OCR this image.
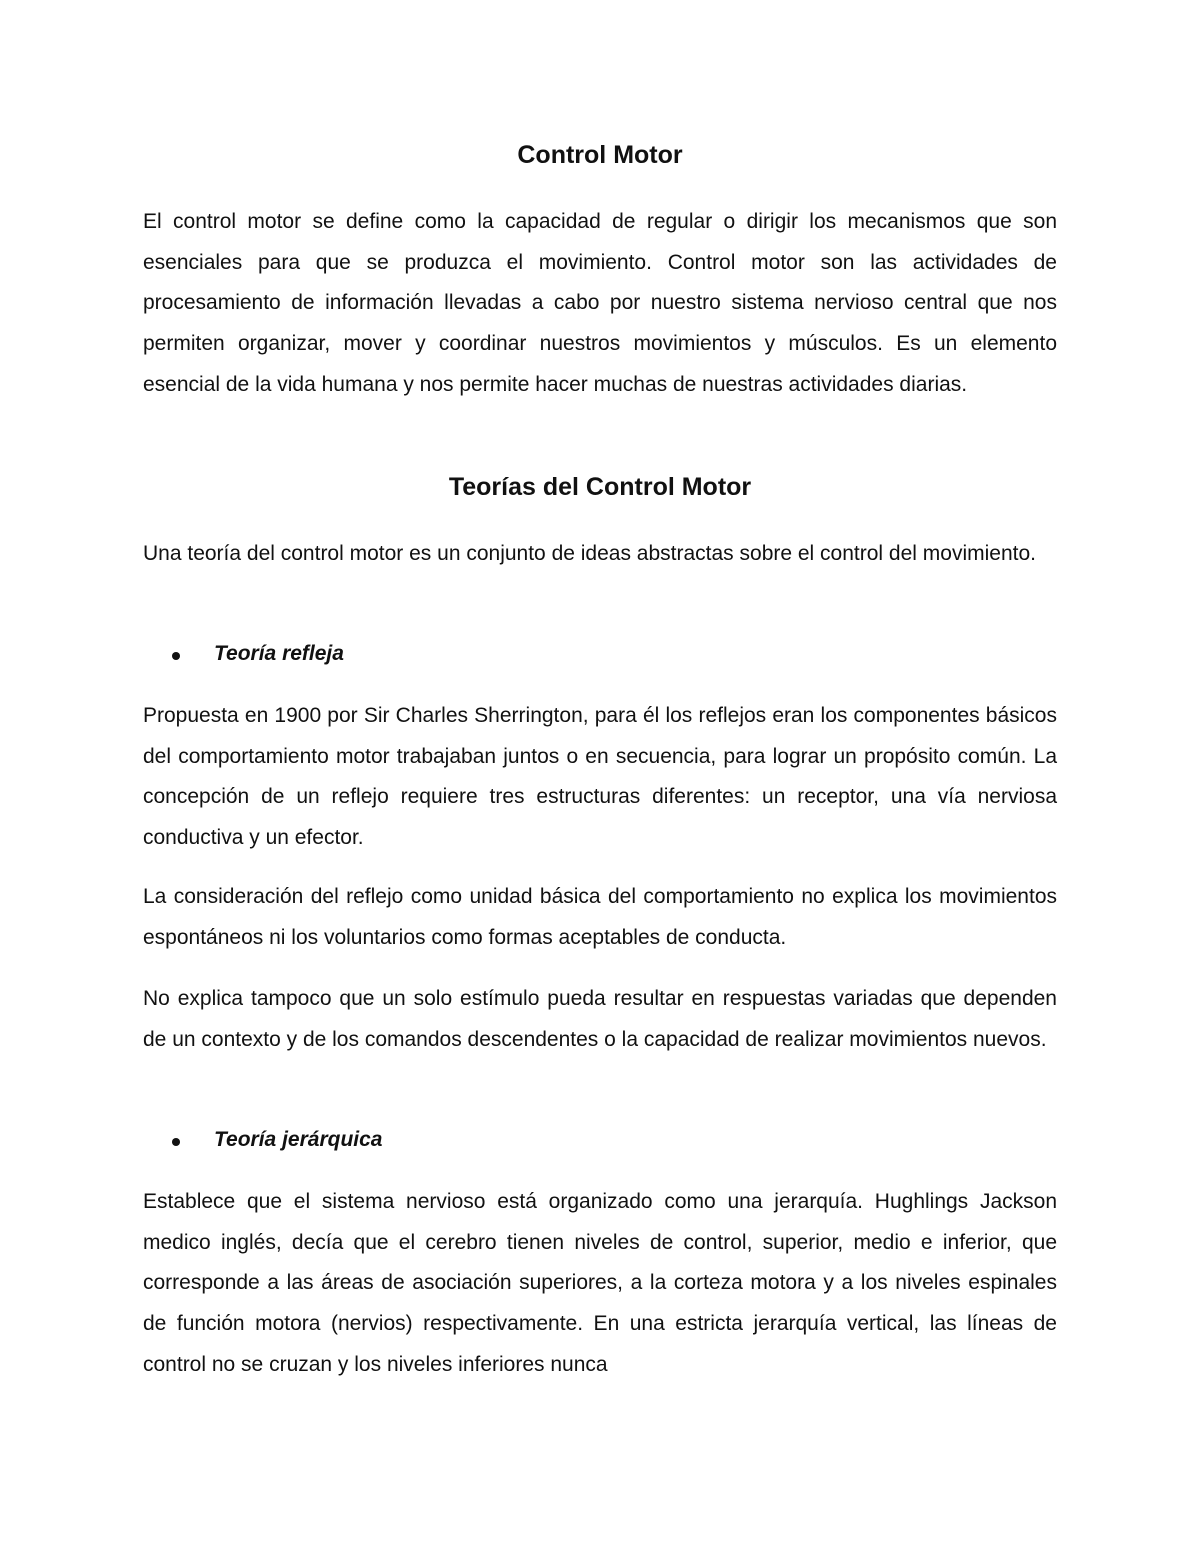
Control Motor

El control motor se define como la capacidad de regular o dirigir los mecanismos que son esenciales para que se produzca el movimiento. Control motor son las actividades de procesamiento de información llevadas a cabo por nuestro sistema nervioso central que nos permiten organizar, mover y coordinar nuestros movimientos y músculos. Es un elemento esencial de la vida humana y nos permite hacer muchas de nuestras actividades diarias.

Teorías del Control Motor

Una teoría del control motor es un conjunto de ideas abstractas sobre el control del movimiento.

Teoría refleja

Propuesta en 1900 por Sir Charles Sherrington, para él los reflejos eran los componentes básicos del comportamiento motor trabajaban juntos o en secuencia, para lograr un propósito común. La concepción de un reflejo requiere tres estructuras diferentes: un receptor, una vía nerviosa conductiva y un efector.

La consideración del reflejo como unidad básica del comportamiento no explica los movimientos espontáneos ni los voluntarios como formas aceptables de conducta.

No explica tampoco que un solo estímulo pueda resultar en respuestas variadas que dependen de un contexto y de los comandos descendentes o la capacidad de realizar movimientos nuevos.

Teoría jerárquica

Establece que el sistema nervioso está organizado como una jerarquía. Hughlings Jackson medico inglés, decía que el cerebro tienen niveles de control, superior, medio e inferior, que corresponde a las áreas de asociación superiores, a la corteza motora y a los niveles espinales de función motora (nervios) respectivamente. En una estricta jerarquía vertical, las líneas de control no se cruzan y los niveles inferiores nunca
